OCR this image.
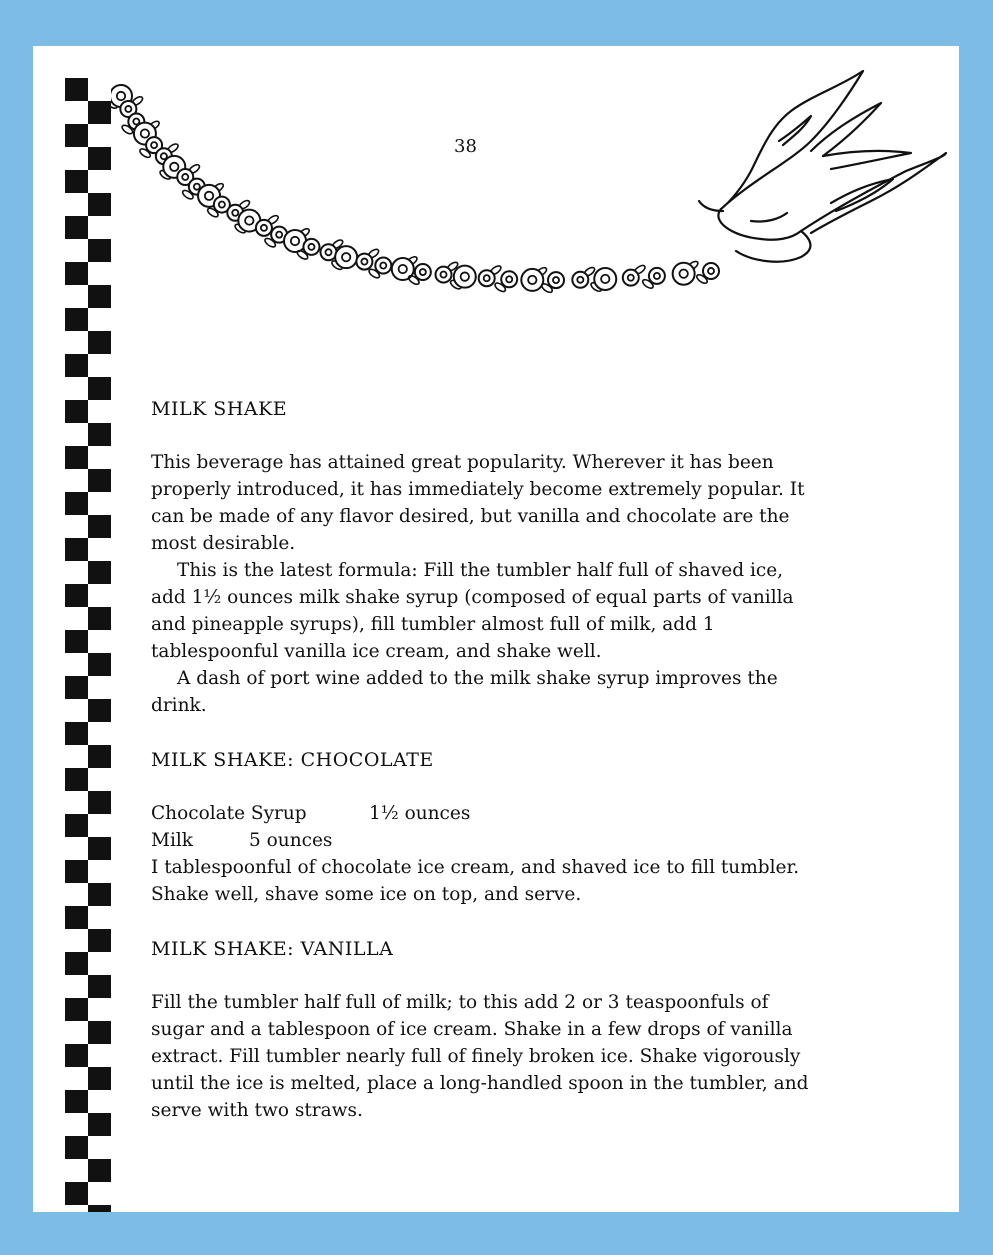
38
MILK SHAKE

This beverage has attained great popularity. Wherever it has been properly introduced, it has immediately become extremely popular. It can be made of any flavor desired, but vanilla and chocolate are the most desirable.

This is the latest formula: Fill the tumbler half full of shaved ice, add 1½ ounces milk shake syrup (composed of equal parts of vanilla and pineapple syrups), fill tumbler almost full of milk, add 1 tablespoonful vanilla ice cream, and shake well.

A dash of port wine added to the milk shake syrup improves the drink.

MILK SHAKE: CHOCOLATE
Chocolate Syrup	1½ ounces
Milk	5 ounces

I tablespoonful of chocolate ice cream, and shaved ice to fill tumbler. Shake well, shave some ice on top, and serve.

MILK SHAKE: VANILLA

Fill the tumbler half full of milk; to this add 2 or 3 teaspoonfuls of sugar and a tablespoon of ice cream. Shake in a few drops of vanilla extract. Fill tumbler nearly full of finely broken ice. Shake vigorously until the ice is melted, place a long-handled spoon in the tumbler, and serve with two straws.
